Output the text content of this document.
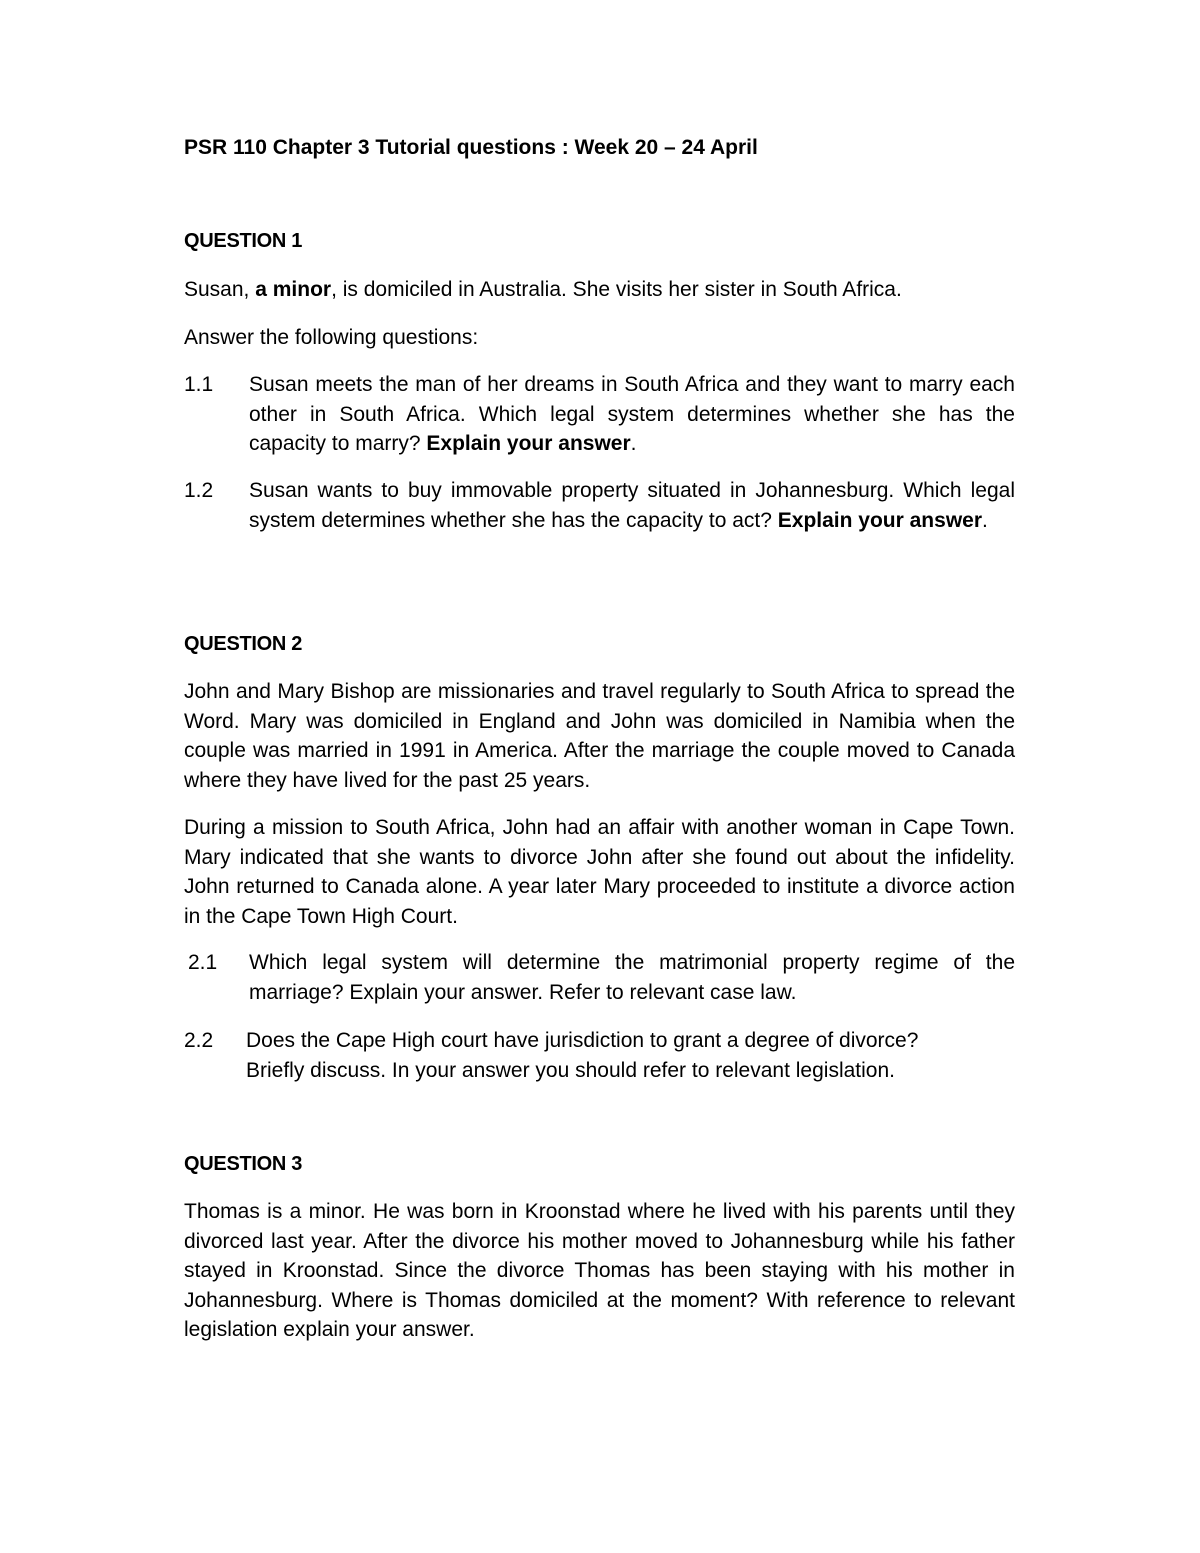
PSR 110 Chapter 3 Tutorial questions : Week 20 – 24 April
QUESTION 1
Susan, a minor, is domiciled in Australia. She visits her sister in South Africa.
Answer the following questions:
1.1	Susan meets the man of her dreams in South Africa and they want to marry each other in South Africa. Which legal system determines whether she has the capacity to marry? Explain your answer.
1.2	Susan wants to buy immovable property situated in Johannesburg. Which legal system determines whether she has the capacity to act? Explain your answer.
QUESTION 2
John and Mary Bishop are missionaries and travel regularly to South Africa to spread the Word. Mary was domiciled in England and John was domiciled in Namibia when the couple was married in 1991 in America. After the marriage the couple moved to Canada where they have lived for the past 25 years.
During a mission to South Africa, John had an affair with another woman in Cape Town. Mary indicated that she wants to divorce John after she found out about the infidelity. John returned to Canada alone. A year later Mary proceeded to institute a divorce action in the Cape Town High Court.
2.1	Which legal system will determine the matrimonial property regime of the marriage? Explain your answer. Refer to relevant case law.
2.2	Does the Cape High court have jurisdiction to grant a degree of divorce?
Briefly discuss. In your answer you should refer to relevant legislation.
QUESTION 3
Thomas is a minor. He was born in Kroonstad where he lived with his parents until they divorced last year. After the divorce his mother moved to Johannesburg while his father stayed in Kroonstad. Since the divorce Thomas has been staying with his mother in Johannesburg. Where is Thomas domiciled at the moment? With reference to relevant legislation explain your answer.
